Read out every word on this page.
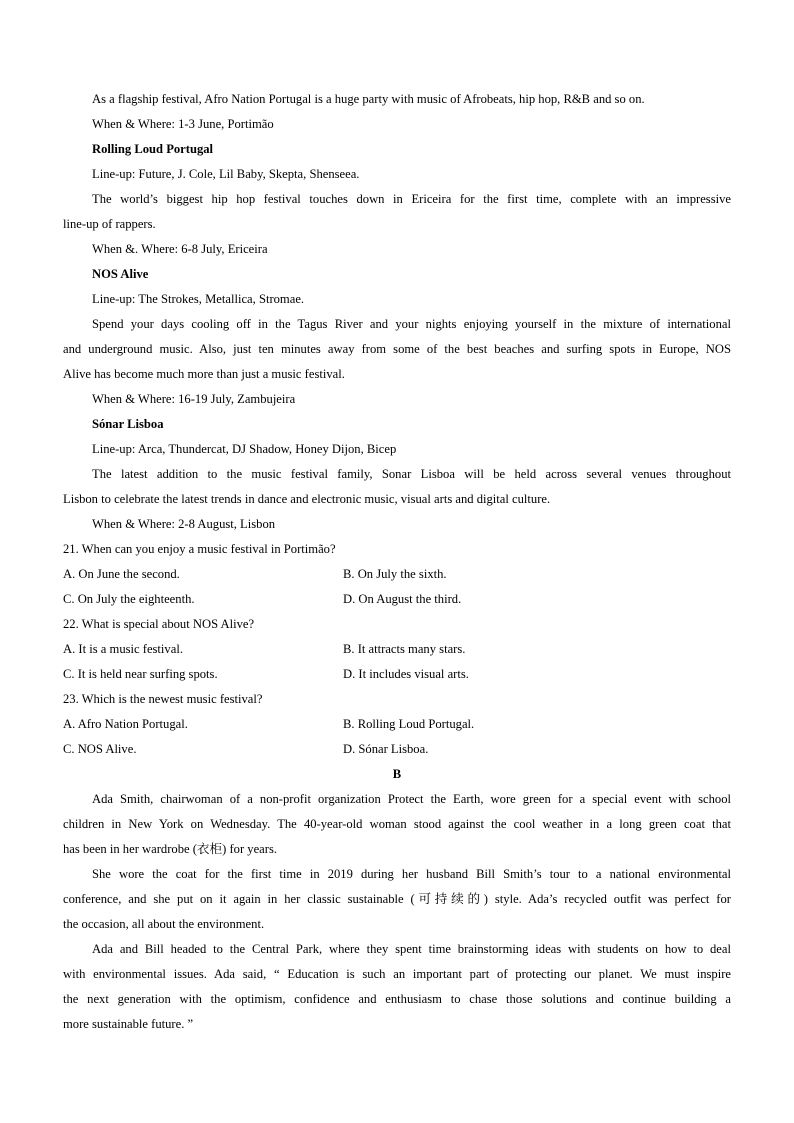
As a flagship festival, Afro Nation Portugal is a huge party with music of Afrobeats, hip hop, R&B and so on.
When & Where: 1-3 June, Portimão
Rolling Loud Portugal
Line-up: Future, J. Cole, Lil Baby, Skepta, Shenseea.
The world’s biggest hip hop festival touches down in Ericeira for the first time, complete with an impressive
line-up of rappers.
When &. Where: 6-8 July, Ericeira
NOS Alive
Line-up: The Strokes, Metallica, Stromae.
Spend your days cooling off in the Tagus River and your nights enjoying yourself in the mixture of international
and underground music. Also, just ten minutes away from some of the best beaches and surfing spots in Europe, NOS
Alive has become much more than just a music festival.
When & Where: 16-19 July, Zambujeira
Sónar Lisboa
Line-up: Arca, Thundercat, DJ Shadow, Honey Dijon, Bicep
The latest addition to the music festival family, Sonar Lisboa will be held across several venues throughout
Lisbon to celebrate the latest trends in dance and electronic music, visual arts and digital culture.
When & Where: 2-8 August, Lisbon
21. When can you enjoy a music festival in Portimão?
A. On June the second.	B. On July the sixth.
C. On July the eighteenth.	D. On August the third.
22. What is special about NOS Alive?
A. It is a music festival.	B. It attracts many stars.
C. It is held near surfing spots.	D. It includes visual arts.
23. Which is the newest music festival?
A. Afro Nation Portugal.	B. Rolling Loud Portugal.
C. NOS Alive.	D. Sónar Lisboa.
B
Ada Smith, chairwoman of a non-profit organization Protect the Earth, wore green for a special event with school
children in New York on Wednesday. The 40-year-old woman stood against the cool weather in a long green coat that
has been in her wardrobe (衣柜) for years.
She wore the coat for the first time in 2019 during her husband Bill Smith’s tour to a national environmental
conference, and she put on it again in her classic sustainable (可持续的) style. Ada’s recycled outfit was perfect for
the occasion, all about the environment.
Ada and Bill headed to the Central Park, where they spent time brainstorming ideas with students on how to deal
with environmental issues. Ada said, “ Education is such an important part of protecting our planet. We must inspire
the next generation with the optimism, confidence and enthusiasm to chase those solutions and continue building a
more sustainable future. ”
